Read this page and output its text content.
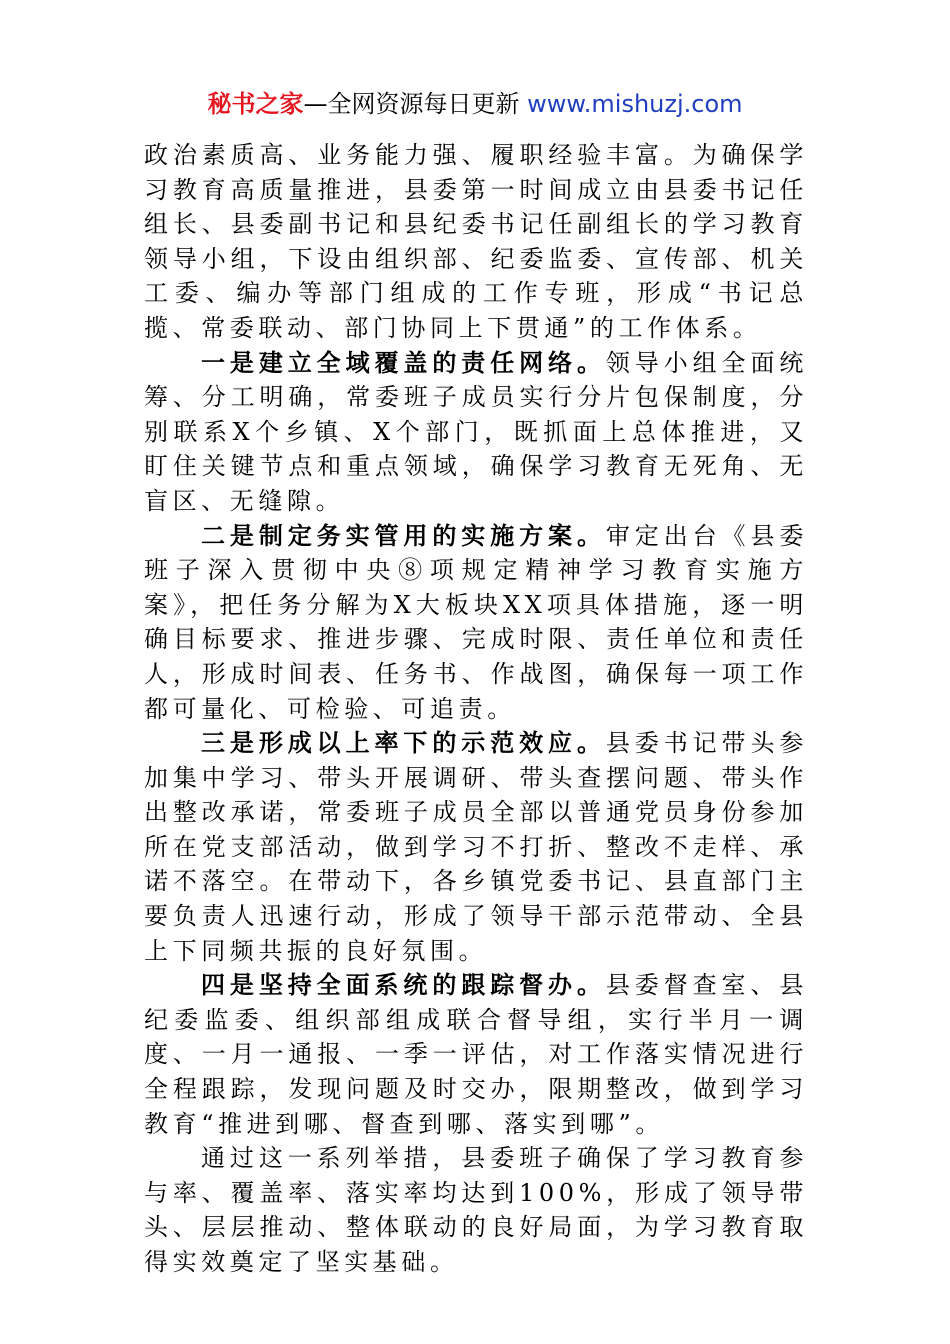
秘书之家—全网资源每日更新 www.mishuzj.com

政治素质高、业务能力强、履职经验丰富。为确保学习教育高质量推进，县委第一时间成立由县委书记任组长、县委副书记和县纪委书记任副组长的学习教育领导小组，下设由组织部、纪委监委、宣传部、机关工委、编办等部门组成的工作专班，形成“书记总揽、常委联动、部门协同上下贯通”的工作体系。

一是建立全域覆盖的责任网络。领导小组全面统筹、分工明确，常委班子成员实行分片包保制度，分别联系X个乡镇、X个部门，既抓面上总体推进，又盯住关键节点和重点领域，确保学习教育无死角、无盲区、无缝隙。

二是制定务实管用的实施方案。审定出台《县委班子深入贯彻中央⑧项规定精神学习教育实施方案》，把任务分解为X大板块XX项具体措施，逐一明确目标要求、推进步骤、完成时限、责任单位和责任人，形成时间表、任务书、作战图，确保每一项工作都可量化、可检验、可追责。

三是形成以上率下的示范效应。县委书记带头参加集中学习、带头开展调研、带头查摆问题、带头作出整改承诺，常委班子成员全部以普通党员身份参加所在党支部活动，做到学习不打折、整改不走样、承诺不落空。在带动下，各乡镇党委书记、县直部门主要负责人迅速行动，形成了领导干部示范带动、全县上下同频共振的良好氛围。

四是坚持全面系统的跟踪督办。县委督查室、县纪委监委、组织部组成联合督导组，实行半月一调度、一月一通报、一季一评估，对工作落实情况进行全程跟踪，发现问题及时交办，限期整改，做到学习教育“推进到哪、督查到哪、落实到哪”。

通过这一系列举措，县委班子确保了学习教育参与率、覆盖率、落实率均达到100%，形成了领导带头、层层推动、整体联动的良好局面，为学习教育取得实效奠定了坚实基础。
